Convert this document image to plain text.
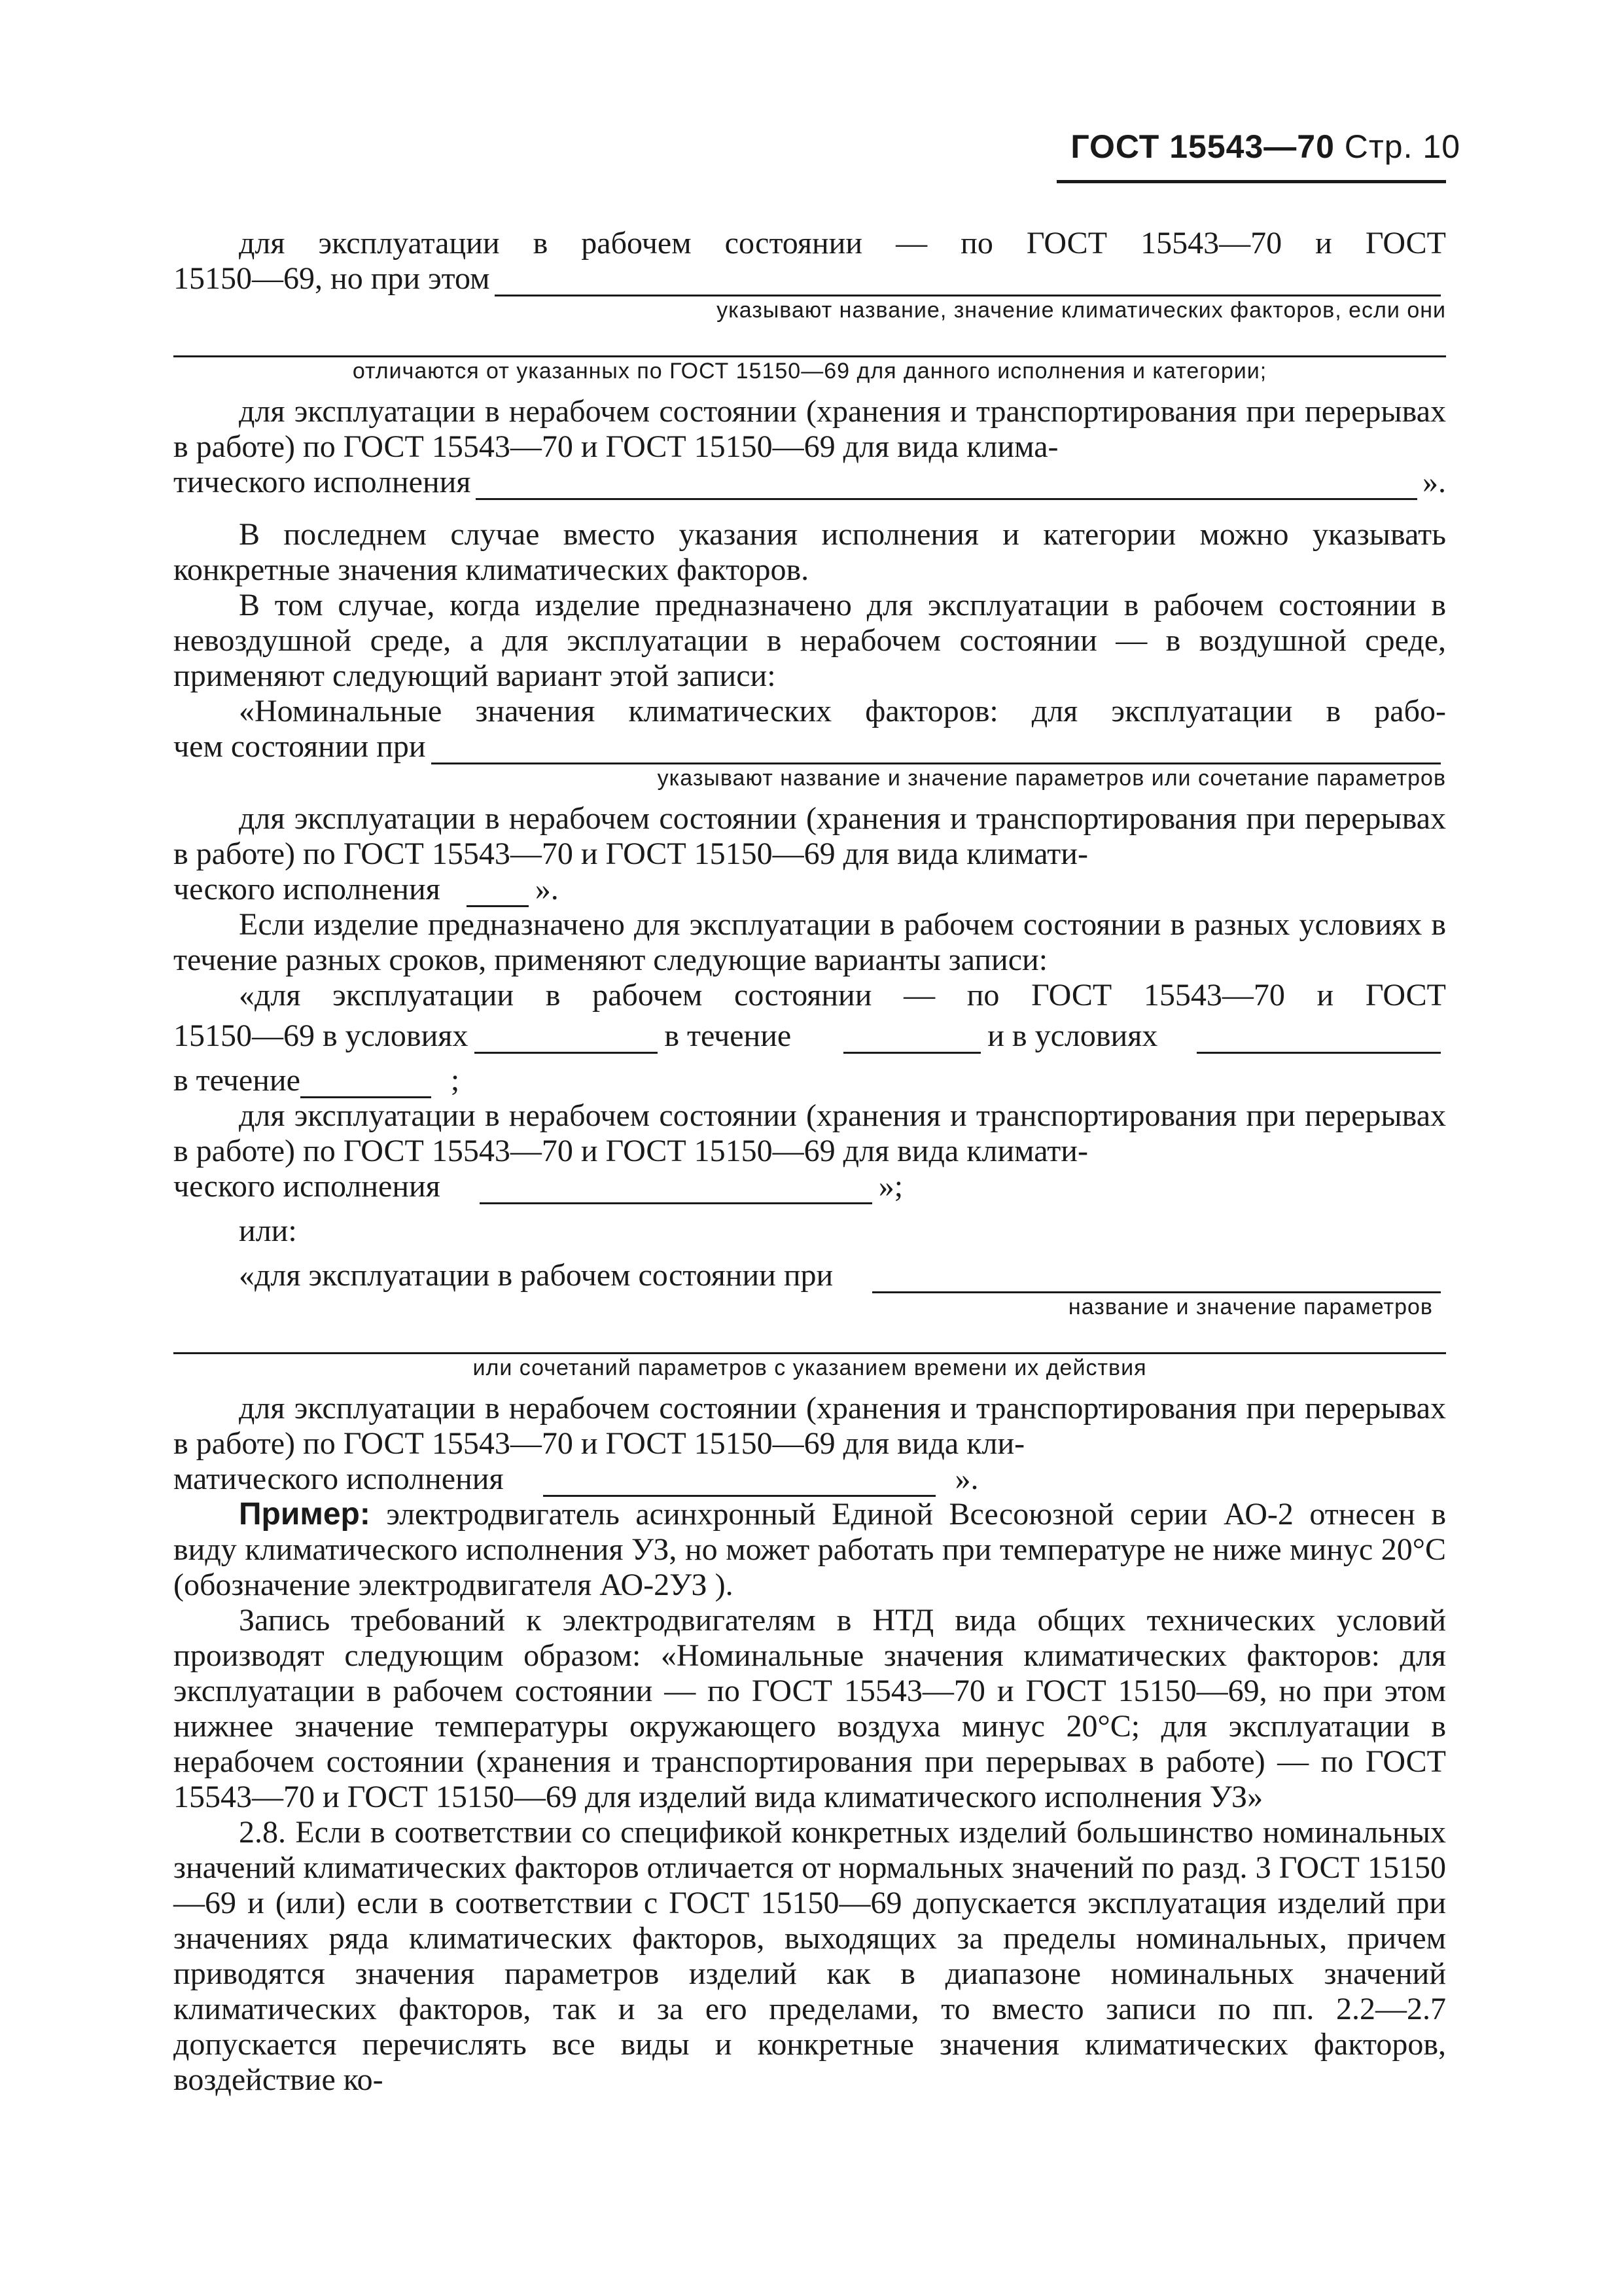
ГОСТ 15543—70 Стр. 10

для эксплуатации в рабочем состоянии — по ГОСТ 15543—70 и ГОСТ

15150—69, но при этом

указывают название, значение климатических факторов, если они

отличаются от указанных по ГОСТ 15150—69 для данного исполнения и категории;

для эксплуатации в нерабочем состоянии (хранения и транспортирования при перерывах в работе) по ГОСТ 15543—70 и ГОСТ 15150—69 для вида клима-

тического исполнения	».

В последнем случае вместо указания исполнения и категории можно указывать конкретные значения климатических факторов.

В том случае, когда изделие предназначено для эксплуатации в рабочем состоянии в невоздушной среде, а для эксплуатации в нерабочем состоянии — в воздушной среде, применяют следующий вариант этой записи:

«Номинальные значения климатических факторов: для эксплуатации в рабо-

чем состоянии при

указывают название и значение параметров или сочетание параметров

для эксплуатации в нерабочем состоянии (хранения и транспортирования при перерывах в работе) по ГОСТ 15543—70 и ГОСТ 15150—69 для вида климати-

ческого исполнения	».

Если изделие предназначено для эксплуатации в рабочем состоянии в разных условиях в течение разных сроков, применяют следующие варианты записи:

«для эксплуатации в рабочем состоянии — по ГОСТ 15543—70 и ГОСТ

15150—69 в условиях	в течение	и в условиях
в течение	;

для эксплуатации в нерабочем состоянии (хранения и транспортирования при перерывах в работе) по ГОСТ 15543—70 и ГОСТ 15150—69 для вида климати-

ческого исполнения	»;

или:

«для эксплуатации в рабочем состоянии при

название и значение параметров

или сочетаний параметров с указанием времени их действия

для эксплуатации в нерабочем состоянии (хранения и транспортирования при перерывах в работе) по ГОСТ 15543—70 и ГОСТ 15150—69 для вида кли-

матического исполнения	».

Пример: электродвигатель асинхронный Единой Всесоюзной серии АО-2 отнесен в виду климатического исполнения УЗ, но может работать при температуре не ниже минус 20°С (обозначение электродвигателя АО-2УЗ ).

Запись требований к электродвигателям в НТД вида общих технических условий производят следующим образом: «Номинальные значения климатических факторов: для эксплуатации в рабочем состоянии — по ГОСТ 15543—70 и ГОСТ 15150—69, но при этом нижнее значение температуры окружающего воздуха минус 20°С; для эксплуатации в нерабочем состоянии (хранения и транспортирования при перерывах в работе) — по ГОСТ 15543—70 и ГОСТ 15150—69 для изделий вида климатического исполнения УЗ»

2.8. Если в соответствии со спецификой конкретных изделий большинство номинальных значений климатических факторов отличается от нормальных значений по разд. 3 ГОСТ 15150—69 и (или) если в соответствии с ГОСТ 15150—69 допускается эксплуатация изделий при значениях ряда климатических факторов, выходящих за пределы номинальных, причем приводятся значения параметров изделий как в диапазоне номинальных значений климатических факторов, так и за его пределами, то вместо записи по пп. 2.2—2.7 допускается перечислять все виды и конкретные значения климатических факторов, воздействие ко-
